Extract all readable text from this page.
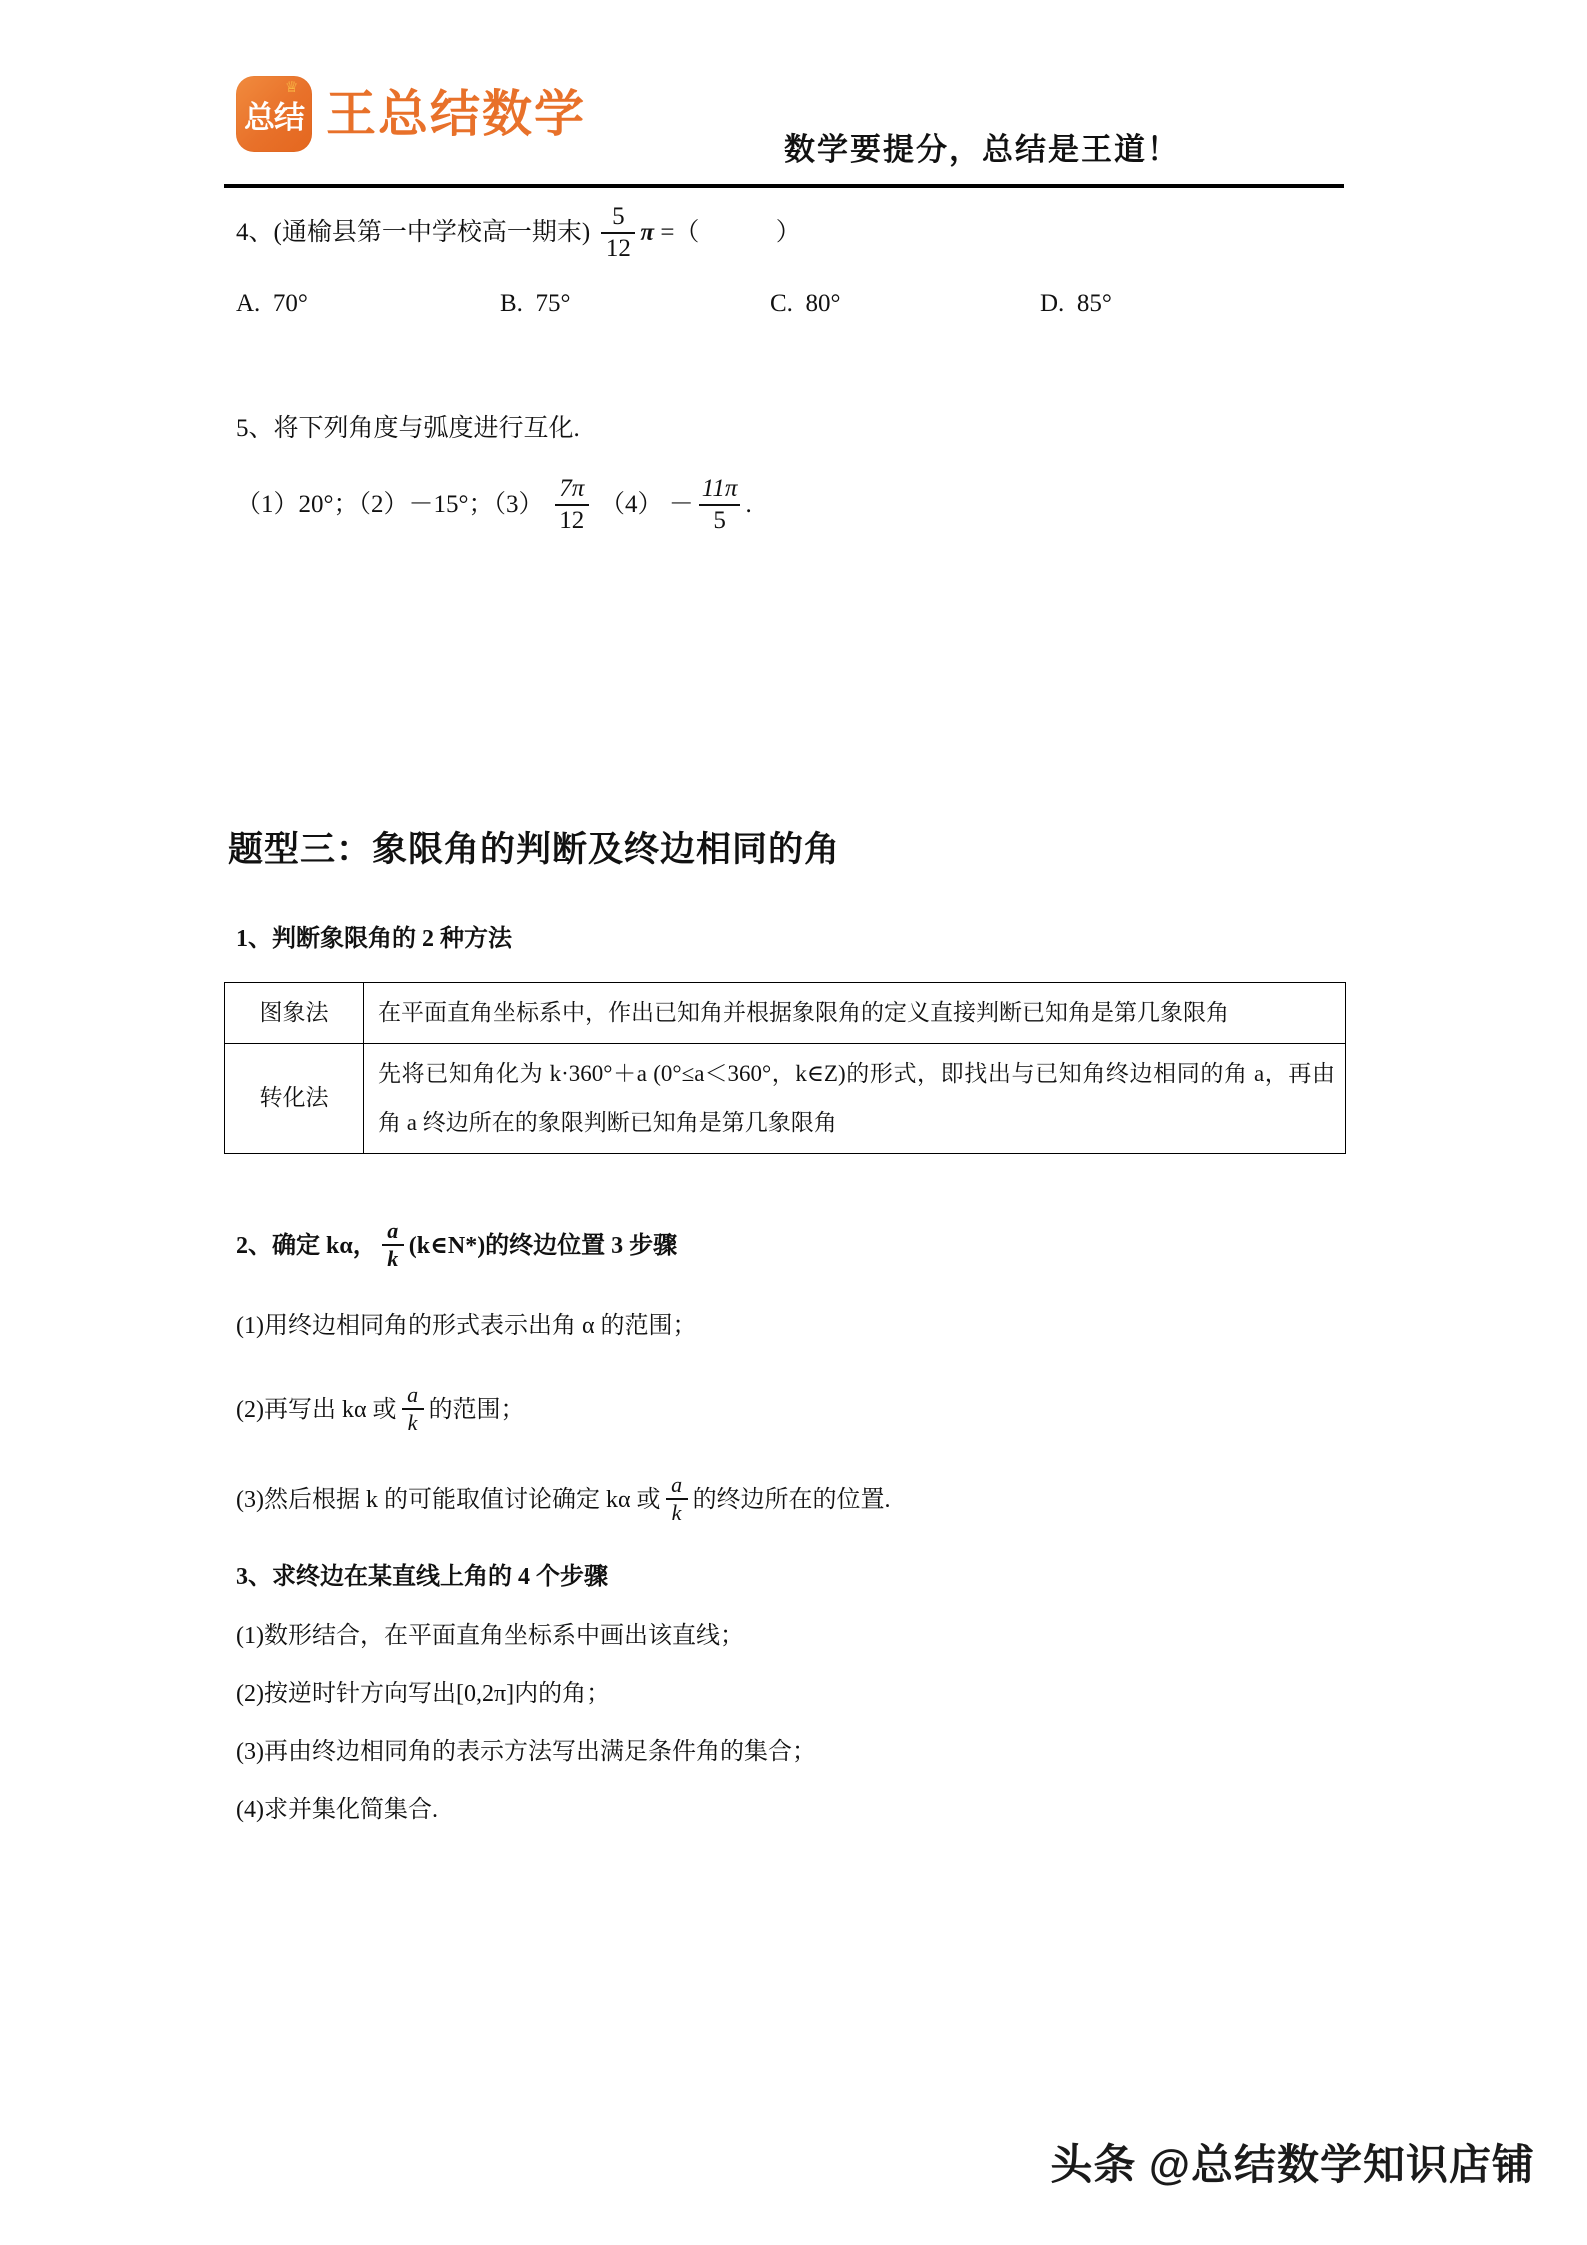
♕
总结 王总结数学
数学要提分，总结是王道！
4、(通榆县第一中学校高一期末) $\frac{5}{12}$ π =（	）
A. 70°	B. 75°	C. 80°	D. 85°
5、将下列角度与弧度进行互化.
（1）20°；（2）－15°；$(3) \frac{7\pi}{12} (4) - \frac{11\pi}{5}$ .
题型三：象限角的判断及终边相同的角
1、判断象限角的 2 种方法
图象法	在平面直角坐标系中，作出已知角并根据象限角的定义直接判断已知角是第几象限角
转化法	先将已知角化为 k·360°＋a (0°≤a＜360°，k∈Z)的形式，即找出与已知角终边相同的角 a，再由角 a 终边所在的象限判断已知角是第几象限角
2、确定 kα， $\frac{a}{k}$ (k∈N*)的终边位置 3 步骤
(1)用终边相同角的形式表示出角 α 的范围；
(2)再写出 kα 或 $\frac{a}{k}$ 的范围；
(3)然后根据 k 的可能取值讨论确定 kα 或 $\frac{a}{k}$ 的终边所在的位置.
3、求终边在某直线上角的 4 个步骤
(1)数形结合，在平面直角坐标系中画出该直线；
(2)按逆时针方向写出[0,2π]内的角；
(3)再由终边相同角的表示方法写出满足条件角的集合；
(4)求并集化简集合.
头条 @总结数学知识店铺
